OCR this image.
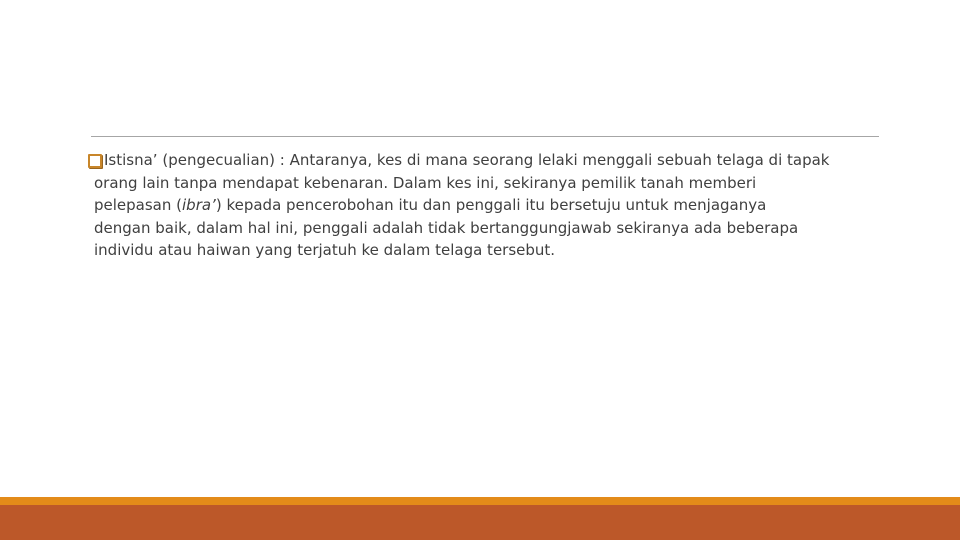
Istisna’ (pengecualian) : Antaranya, kes di mana seorang lelaki menggali sebuah telaga di tapak
orang lain tanpa mendapat kebenaran. Dalam kes ini, sekiranya pemilik tanah memberi
pelepasan (ibra’) kepada pencerobohan itu dan penggali itu bersetuju untuk menjaganya
dengan baik, dalam hal ini, penggali adalah tidak bertanggungjawab sekiranya ada beberapa
individu atau haiwan yang terjatuh ke dalam telaga tersebut.
